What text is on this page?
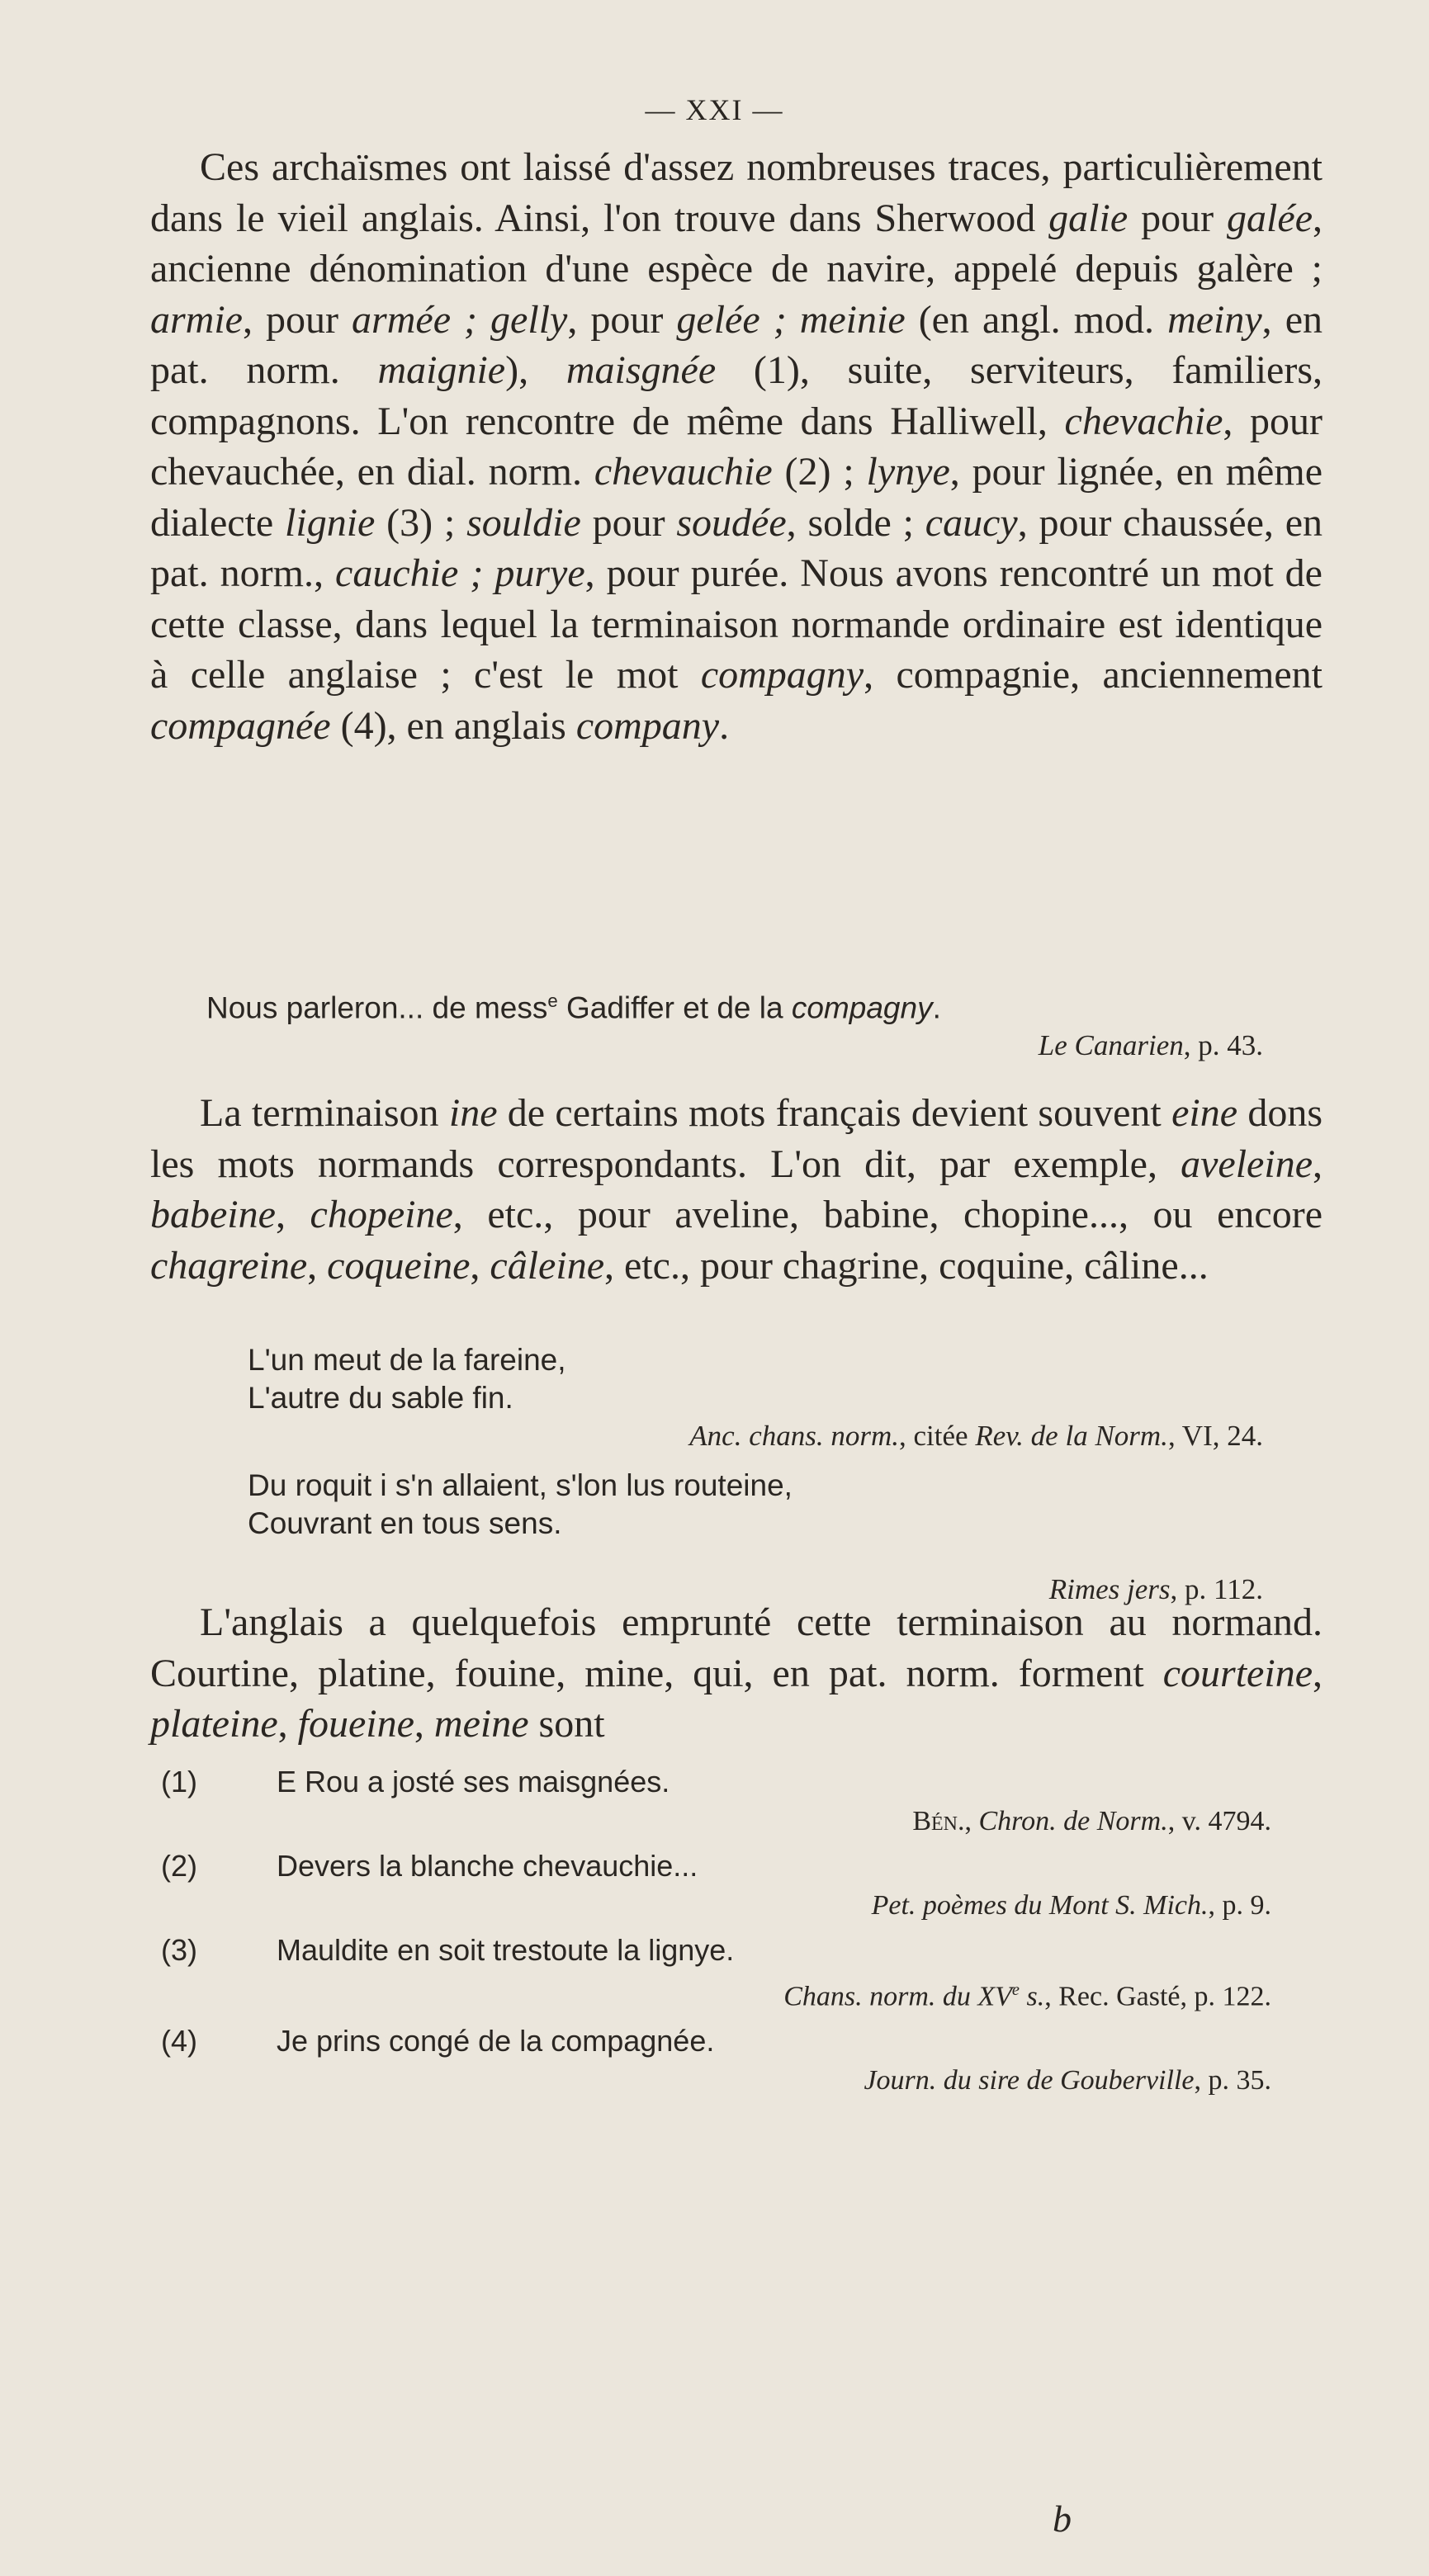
— XXI —

Ces archaïsmes ont laissé d'assez nombreuses traces, particulièrement dans le vieil anglais. Ainsi, l'on trouve dans Sherwood galie pour galée, ancienne dénomination d'une espèce de navire, appelé depuis galère ; armie, pour armée ; gelly, pour gelée ; meinie (en angl. mod. meiny, en pat. norm. maignie), maisgnée (1), suite, serviteurs, familiers, compagnons. L'on rencontre de même dans Halliwell, chevachie, pour chevauchée, en dial. norm. chevauchie (2) ; lynye, pour lignée, en même dialecte lignie (3) ; souldie pour soudée, solde ; caucy, pour chaussée, en pat. norm., cauchie ; purye, pour purée. Nous avons rencontré un mot de cette classe, dans lequel la terminaison normande ordinaire est identique à celle anglaise ; c'est le mot compagny, compagnie, anciennement compagnée (4), en anglais company.

Nous parleron... de mess$^e$ Gadiffer et de la compagny.
Le Canarien, p. 43.

La terminaison ine de certains mots français devient souvent eine dons les mots normands correspondants. L'on dit, par exemple, aveleine, babeine, chopeine, etc., pour aveline, babine, chopine..., ou encore chagreine, coqueine, câleine, etc., pour chagrine, coquine, câline...

L'un meut de la fareine,
L'autre du sable fin.
Anc. chans. norm., citée Rev. de la Norm., VI, 24.
Du roquit i s'n allaient, s'lon lus routeine,
Couvrant en tous sens.
Rimes jers, p. 112.

L'anglais a quelquefois emprunté cette terminaison au normand. Courtine, platine, fouine, mine, qui, en pat. norm. forment courteine, plateine, foueine, meine sont

(1)	E Rou a josté ses maisgnées.
Bén., Chron. de Norm., v. 4794.
(2)	Devers la blanche chevauchie...
Pet. poèmes du Mont S. Mich., p. 9.
(3)	Mauldite en soit trestoute la lignye.
Chans. norm. du XVe s., Rec. Gasté, p. 122.
(4)	Je prins congé de la compagnée.
Journ. du sire de Gouberville, p. 35.
b
